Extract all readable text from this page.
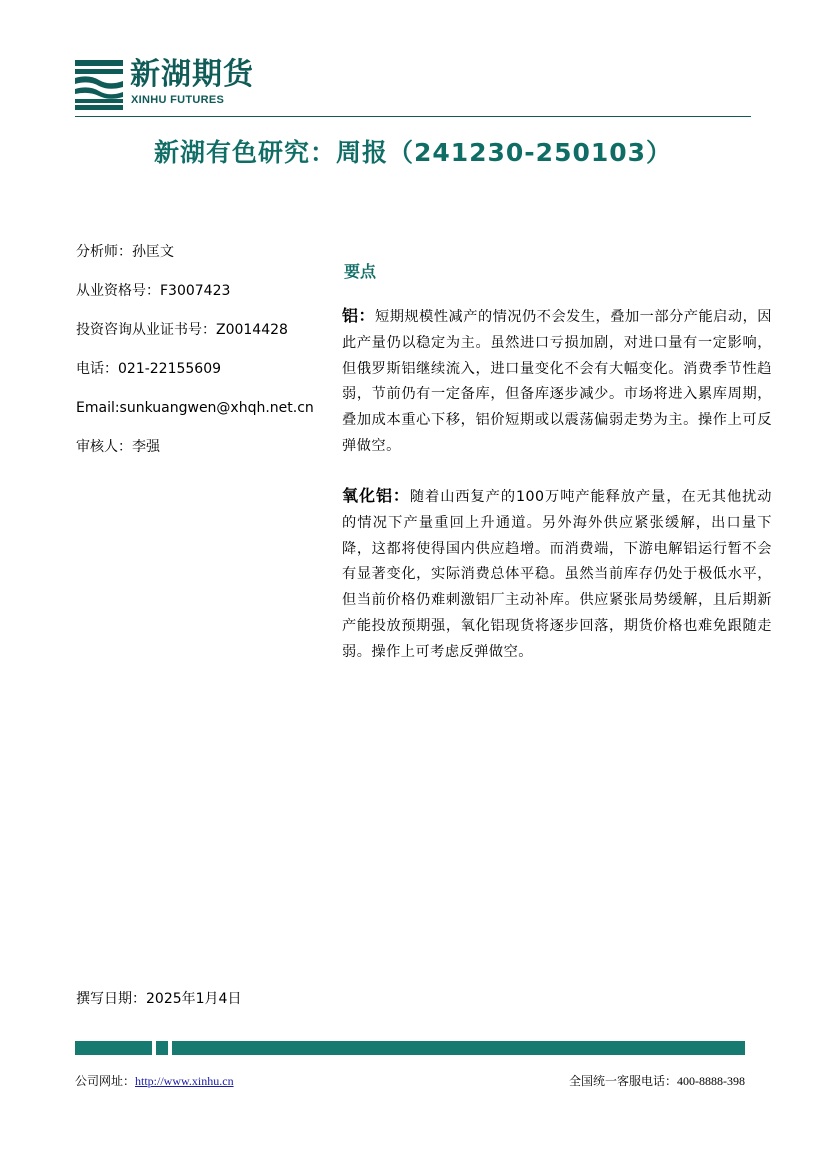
新湖期货
XINHU FUTURES
新湖有色研究：周报（241230-250103）
分析师：孙匡文
从业资格号：F3007423
投资咨询从业证书号：Z0014428
电话：021-22155609
Email:sunkuangwen@xhqh.net.cn
审核人：李强
要点
铝：短期规模性减产的情况仍不会发生，叠加一部分产能启动，因此产量仍以稳定为主。虽然进口亏损加剧，对进口量有一定影响，但俄罗斯铝继续流入，进口量变化不会有大幅变化。消费季节性趋弱，节前仍有一定备库，但备库逐步减少。市场将进入累库周期，叠加成本重心下移，铝价短期或以震荡偏弱走势为主。操作上可反弹做空。
氧化铝：随着山西复产的100万吨产能释放产量，在无其他扰动的情况下产量重回上升通道。另外海外供应紧张缓解，出口量下降，这都将使得国内供应趋增。而消费端，下游电解铝运行暂不会有显著变化，实际消费总体平稳。虽然当前库存仍处于极低水平，但当前价格仍难刺激铝厂主动补库。供应紧张局势缓解，且后期新产能投放预期强，氧化铝现货将逐步回落，期货价格也难免跟随走弱。操作上可考虑反弹做空。
撰写日期：2025年1月4日
公司网址：http://www.xinhu.cn	全国统一客服电话：400-8888-398
